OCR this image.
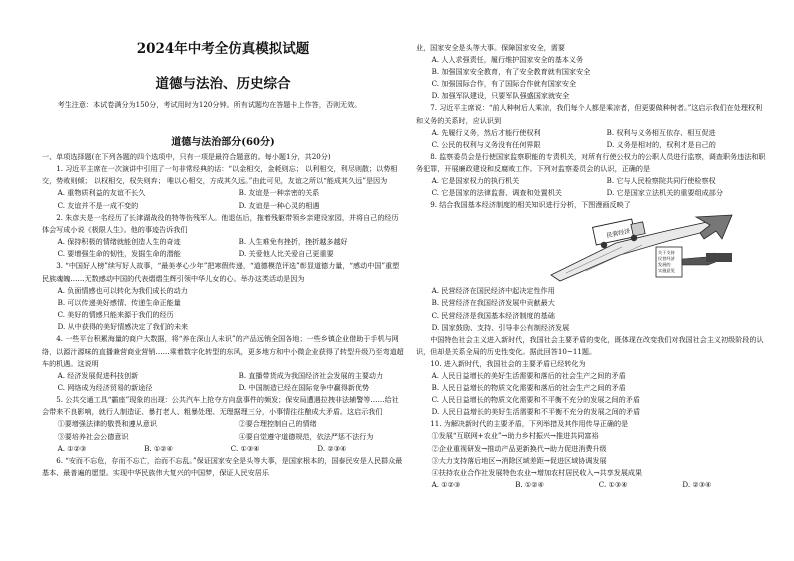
2024年中考全仿真模拟试题
道德与法治、历史综合

考生注意：本试卷满分为150分，考试用时为120分钟。所有试题均在答题卡上作答，否则无效。

道德与法治部分(60分)
一、单项选择题(在下列各题的四个选项中，只有一项是最符合题意的。每小题1分，共20分)
1. 习近平主席在一次演讲中引用了一句非常经典的话：“以金相交，金耗则忘； 以利相交，利尽则散；以势相交，势败则倾； 以权相交，权失则弃； 唯以心相交，方成其久远。”由此可见，友谊之所以“能成其久远”是因为
A. 重物质利益的友谊不长久	B. 友谊是一种亲密的关系
C. 友谊并不是一成不变的	D. 友谊是一种心灵的相遇
2. 朱彦夫是一名经历了长津湖战役的特等伤残军人。他退伍后，拖着残躯带领乡亲建设家园，并将自己的经历体会写成小说《极限人生》。他的事迹告诉我们
A. 保持积极的情绪就能创造人生的奇迹	B. 人生难免有挫折，挫折越多越好
C. 要增强生命的韧性，发掘生命的潜能	D. 关爱他人比关爱自己更重要
3. “中国好人榜”续写好人故事，“最美孝心少年”把寒假传递，“道德模范评选”彰显道德力量，“感动中国”重塑民族魂魄……无数感动中国的代表熠熠生辉引领中华儿女的心。举办这类活动是因为
A. 负面情感也可以转化为我们成长的动力
B. 可以传递美好感情、传递生命正能量
C. 美好的情感只能来源于我们的经历
D. 从中获得的美好情感决定了我们的未来
4. 一些平台积累海量的商户大数据，将“养在深山人未识”的产品远销全国各地；一些乡镇企业借助于手机与网络，以源汁源味的直播兼营商业营销……乘着数字化转型的东风，更多地方和中小微企业获得了转型升级乃至弯道超车的机遇。这说明
A. 经济发展促进科技创新	B. 直播带货成为我国经济社会发展的主要动力
C. 网络成为经济贸易的新途径	D. 中国制造已经在国际竞争中赢得新优势
5. 公共交通工具“霸座”现象的出现：公共汽车上抢夺方向盘事件的频发；保安局遭遇拉拽非法辅警等……给社会带来不良影响，就行人制造证、暴打老人、粗暴处理、无理据理三分，小事情往往酿成大矛盾。这启示我们
①要增强法律的敬畏和遵从意识	②要合理控制自己的情绪
③要培养社会公德意识	④要自觉遵守道德规范，依法严惩不法行为
A. ①②③	B. ①②④	C. ①③④	D. ②③④
6. “安而不忘危，存而不忘亡，治而不忘乱。”保证国家安全是头等大事，是国家根本的，国泰民安是人民群众最基本、最普遍的愿望。实现中华民族伟大复兴的中国梦，保证人民安居乐
业，国家安全是头等大事。保障国家安全，需要
A. 人人求强责任，履行维护国家安全的基本义务
B. 加强国家安全教育，有了安全教育就有国家安全
C. 加强国际合作，有了国际合作就有国家安全
D. 加强军队建设，只要军队强盛国家就安全
7. 习近平主席说：“前人种树后人乘凉，我们每个人都是乘凉者，但更要做种树者。”这启示我们在处理权利和义务的关系时，应认识到
A. 先履行义务，然后才能行使权利	B. 权利与义务相互依存、相互促进
C. 公民的权利与义务没有任何界限	D. 义务是相对的，权利才是自己的
8. 监察委员会是行使国家监察职能的专责机关，对所有行使公权力的公职人员进行监察，调查职务违法和职务犯罪，开展廉政建设和反腐败工作。下列对监察委员会的认识，正确的是
A. 它是国家权力的执行机关	B. 它与人民检察院共同行使检察权
C. 它是国家的法律监督、调查和处置机关	D. 它是国家立法机关的重要组成部分
9. 结合我国基本经济制度的相关知识进行分析，下图漫画反映了
民营经济
关于支持
民营经济
发展的
实施意见
A. 民营经济在国民经济中起决定性作用
B. 民营经济在我国经济发展中贡献最大
C. 民营经济是我国基本经济制度的基础
D. 国家鼓励、支持、引导非公有制经济发展
中国特色社会主义进入新时代，我国社会主要矛盾的变化，既体现在改变我们对我国社会主义初级阶段的认识，但却是关系全局的历史性变化。据此回答10~11题。
10. 进入新时代，我国社会的主要矛盾已经转化为
A. 人民日益增长的美好生活需要和落后的社会生产之间的矛盾
B. 人民日益增长的物质文化需要和落后的社会生产之间的矛盾
C. 人民日益增长的物质文化需要和不平衡不充分的发展之间的矛盾
D. 人民日益增长的美好生活需要和不平衡不充分的发展之间的矛盾
11. 为解决新时代的主要矛盾，下列举措及其作用传导正确的是
①发展“互联网+农业”→助力乡村振兴→推进共同富裕
②企业重视研发→推动产品更新换代→助力促进消费升级
③大力支持落后地区→消除区域差距→促进区域协调发展
④扶持农业合作社发展特色农业→增加农村居民收入→共享发展成果
A. ①②③	B. ①②④	C. ①③④	D. ②③④
